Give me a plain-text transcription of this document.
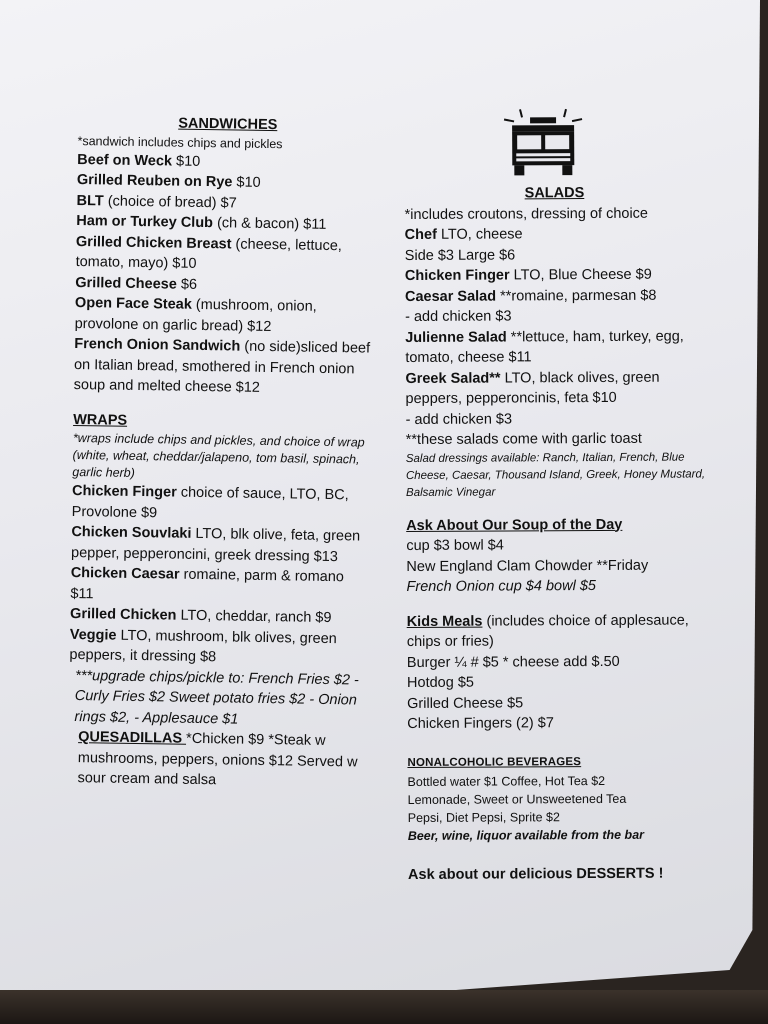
SANDWICHES
*sandwich includes chips and pickles
Beef on Weck $10
Grilled Reuben on Rye $10
BLT (choice of bread) $7
Ham or Turkey Club (ch & bacon) $11
Grilled Chicken Breast (cheese, lettuce, tomato, mayo) $10
Grilled Cheese $6
Open Face Steak (mushroom, onion, provolone on garlic bread) $12
French Onion Sandwich (no side)sliced beef on Italian bread, smothered in French onion soup and melted cheese $12
WRAPS
*wraps include chips and pickles, and choice of wrap (white, wheat, cheddar/jalapeno, tom basil, spinach, garlic herb)
Chicken Finger choice of sauce, LTO, BC, Provolone $9
Chicken Souvlaki LTO, blk olive, feta, green pepper, pepperoncini, greek dressing $13
Chicken Caesar romaine, parm & romano $11
Grilled Chicken LTO, cheddar, ranch $9
Veggie LTO, mushroom, blk olives, green peppers, it dressing $8
***upgrade chips/pickle to: French Fries $2 - Curly Fries $2 Sweet potato fries $2 - Onion rings $2, - Applesauce $1
QUESADILLAS *Chicken $9 *Steak w mushrooms, peppers, onions $12 Served w sour cream and salsa
SALADS
*includes croutons, dressing of choice
Chef LTO, cheese
Side $3 Large $6
Chicken Finger LTO, Blue Cheese $9
Caesar Salad **romaine, parmesan $8
- add chicken $3
Julienne Salad **lettuce, ham, turkey, egg, tomato, cheese $11
Greek Salad** LTO, black olives, green peppers, pepperoncinis, feta $10
- add chicken $3
**these salads come with garlic toast
Salad dressings available: Ranch, Italian, French, Blue Cheese, Caesar, Thousand Island, Greek, Honey Mustard, Balsamic Vinegar
Ask About Our Soup of the Day
cup $3 bowl $4
New England Clam Chowder **Friday
French Onion cup $4 bowl $5
Kids Meals (includes choice of applesauce, chips or fries)
Burger ¼ # $5 * cheese add $.50
Hotdog $5
Grilled Cheese $5
Chicken Fingers (2) $7
NONALCOHOLIC BEVERAGES
Bottled water $1 Coffee, Hot Tea $2
Lemonade, Sweet or Unsweetened Tea
Pepsi, Diet Pepsi, Sprite $2
Beer, wine, liquor available from the bar
Ask about our delicious DESSERTS !
